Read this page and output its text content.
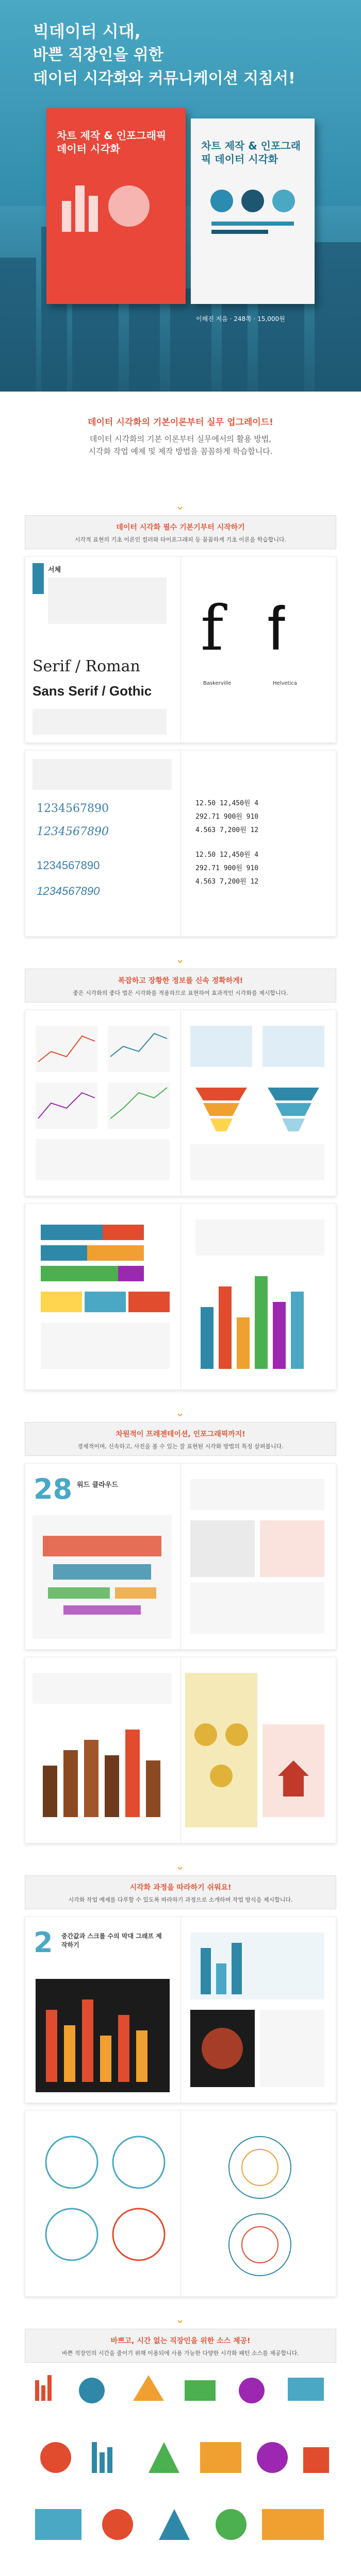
빅데이터 시대,
바쁜 직장인을 위한
데이터 시각화와 커뮤니케이션 지침서!
차트 제작 & 인포그래픽 데이터 시각화	차트 제작 & 인포그래픽 데이터 시각화
이해진 저음 · 248쪽 · 15,000원
데이터 시각화의 기본이론부터 실무 업그레이드!
데이터 시각화의 기본 이론부터 실무에서의 활용 방법,
시각화 작업 예제 및 제작 방법을 꼼꼼하게 학습합니다.
⌄
데이터 시각화 필수 기본기부터 시작하기
시각적 표현의 기초 이론인 컬러와 타이포그래피 등 꼼꼼하게 기초 이론을 학습합니다.
서체
Serif / Roman
Sans Serif / Gothic
f f
Baskerville	Helvetica
1234567890
1234567890
1234567890
1234567890
12.50 12,450원 4
292.71 900원 910
4.563 7,200원 12
12.50 12,450원 4
292.71 900원 910
4.563 7,200원 12
⌄
복잡하고 장황한 정보를 신속 정확하게!
좋은 시각화의 좋다 법은 시각화를 적용하므로 표현하여 효과적인 시각화를 제시합니다.
⌄
차원적이 프레젠테이션, 인포그래픽까지!
경제적이며, 신속하고, 사진을 볼 수 있는 잘 표현된 시각화 방법의 특징 살펴봅니다.
28 워드 클라우드
⌄
시각화 과정을 따라하기 쉬워요!
시각화 작업 예제를 다루할 수 있도록 따라하기 과정으로 소개하며 작업 방식을 제시합니다.
2 중간값과 스크롤 수의 막대 그래프 제작하기
⌄
바쁘고, 시간 없는 직장인을 위한 소스 제공!
바쁜 직장인의 시간을 줄이기 위해 이용되에 사용 가능한 다양한 시각화 패턴 소스를 제공합니다.
